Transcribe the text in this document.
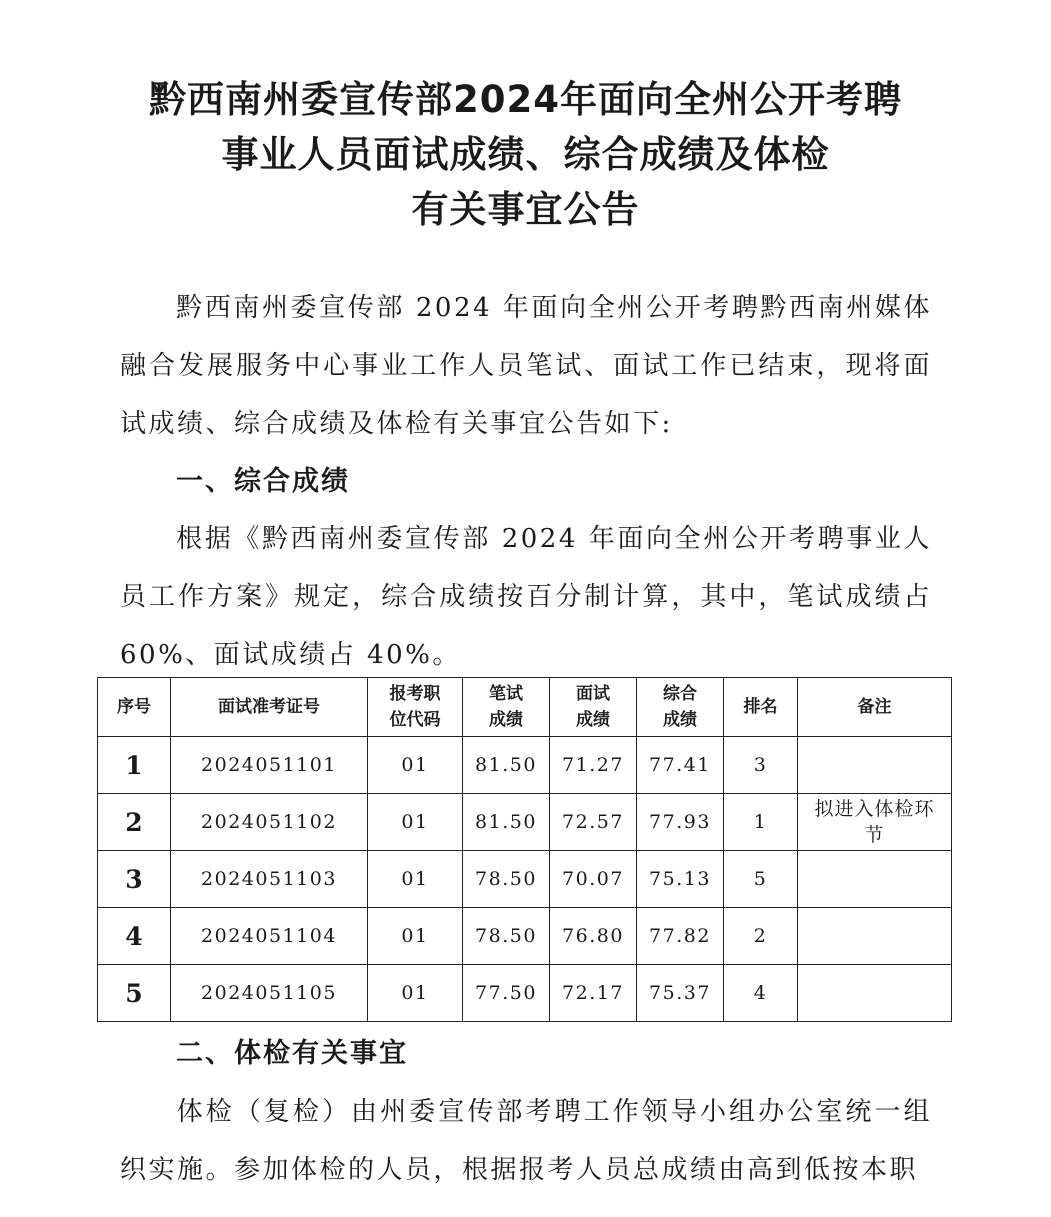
黔西南州委宣传部2024年面向全州公开考聘
事业人员面试成绩、综合成绩及体检
有关事宜公告
黔西南州委宣传部 2024 年面向全州公开考聘黔西南州媒体融合发展服务中心事业工作人员笔试、面试工作已结束，现将面试成绩、综合成绩及体检有关事宜公告如下:
一、综合成绩
根据《黔西南州委宣传部 2024 年面向全州公开考聘事业人员工作方案》规定，综合成绩按百分制计算，其中，笔试成绩占60%、面试成绩占 40%。
序号	面试准考证号	报考职位代码	笔试成绩	面试成绩	综合成绩	排名	备注
1	2024051101	01	81.50	71.27	77.41	3	
2	2024051102	01	81.50	72.57	77.93	1	拟进入体检环节
3	2024051103	01	78.50	70.07	75.13	5	
4	2024051104	01	78.50	76.80	77.82	2	
5	2024051105	01	77.50	72.17	75.37	4	
二、体检有关事宜
体检（复检）由州委宣传部考聘工作领导小组办公室统一组织实施。参加体检的人员，根据报考人员总成绩由高到低按本职
